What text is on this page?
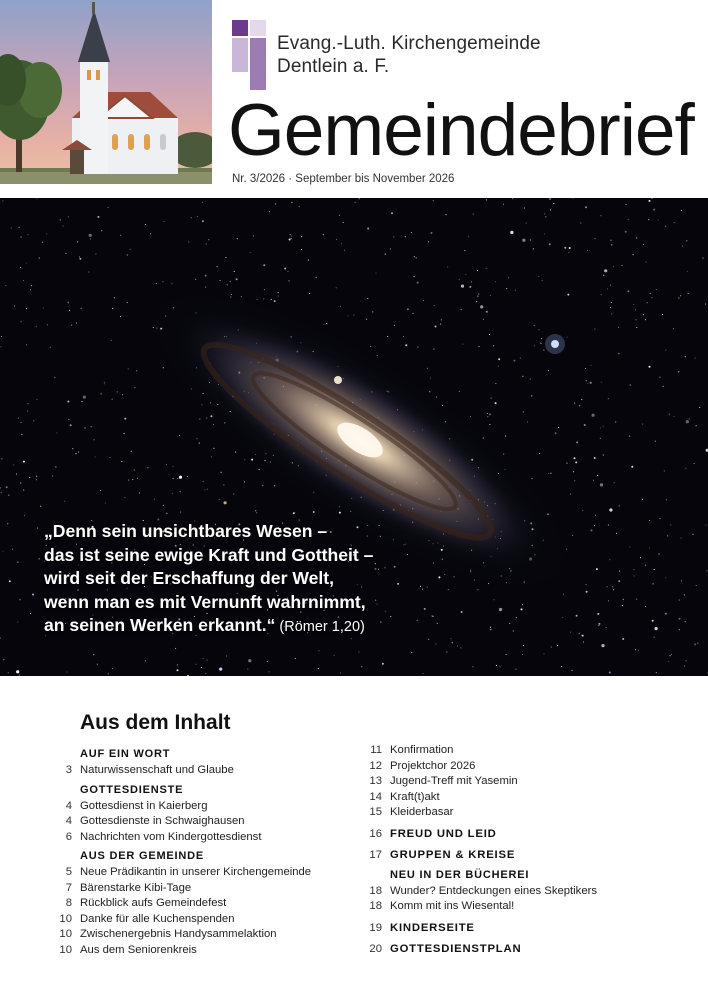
Evang.-Luth. Kirchengemeinde
Dentlein a. F.
Gemeindebrief
Nr. 3/2026 · September bis November 2026
„Denn sein unsichtbares Wesen –
das ist seine ewige Kraft und Gottheit –
wird seit der Erschaffung der Welt,
wenn man es mit Vernunft wahrnimmt,
an seinen Werken erkannt.“ (Römer 1,20)
Aus dem Inhalt
AUF EIN WORT
3 Naturwissenschaft und Glaube
GOTTESDIENSTE
4 Gottesdienst in Kaierberg
4 Gottesdienste in Schwaighausen
6 Nachrichten vom Kindergottesdienst
AUS DER GEMEINDE
5 Neue Prädikantin in unserer Kirchengemeinde
7 Bärenstarke Kibi-Tage
8 Rückblick aufs Gemeindefest
10 Danke für alle Kuchenspenden
10 Zwischenergebnis Handysammelaktion
10 Aus dem Seniorenkreis
11 Konfirmation
12 Projektchor 2026
13 Jugend-Treff mit Yasemin
14 Kraft(t)akt
15 Kleiderbasar
16 FREUD UND LEID
17 GRUPPEN & KREISE
NEU IN DER BÜCHEREI
18 Wunder? Entdeckungen eines Skeptikers
18 Komm mit ins Wiesental!
19 KINDERSEITE
20 GOTTESDIENSTPLAN
